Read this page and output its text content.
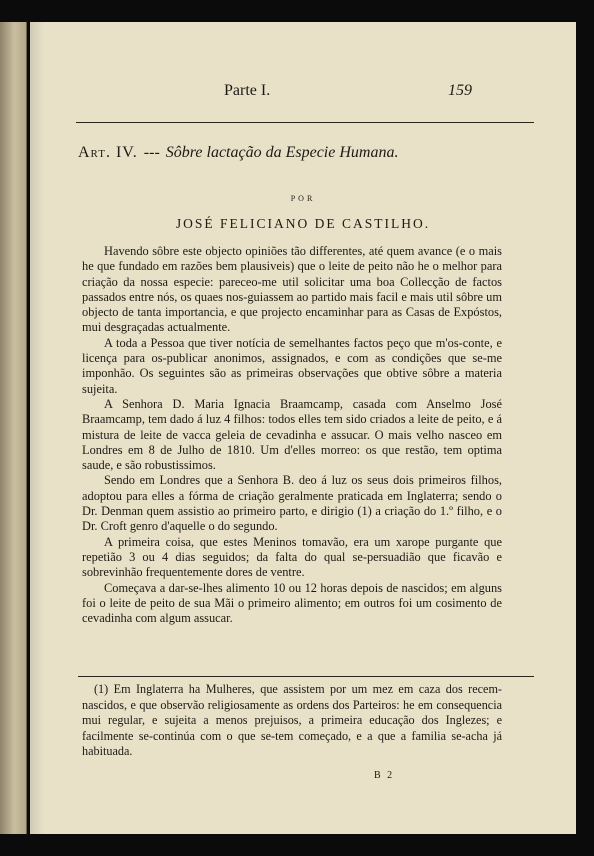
Parte I.	159
Art. IV. --- Sôbre lactação da Especie Humana.
POR
JOSÉ FELICIANO DE CASTILHO.

Havendo sôbre este objecto opiniões tão differentes, até quem avance (e o mais he que fundado em razões bem plausiveis) que o leite de peito não he o melhor para criação da nossa especie: pareceo-me util solicitar uma boa Collecção de factos passados entre nós, os quaes nos-guiassem ao partido mais facil e mais util sôbre um objecto de tanta importancia, e que projecto encaminhar para as Casas de Expóstos, mui desgraçadas actualmente.

A toda a Pessoa que tiver notícia de semelhantes factos peço que m'os-conte, e licença para os-publicar anonimos, assignados, e com as condições que se-me imponhão. Os seguintes são as primeiras observações que obtive sôbre a materia sujeita.

A Senhora D. Maria Ignacia Braamcamp, casada com Anselmo José Braamcamp, tem dado á luz 4 filhos: todos elles tem sido criados a leite de peito, e á mistura de leite de vacca geleia de cevadinha e assucar. O mais velho nasceo em Londres em 8 de Julho de 1810. Um d'elles morreo: os que restão, tem optima saude, e são robustissimos.

Sendo em Londres que a Senhora B. deo á luz os seus dois primeiros filhos, adoptou para elles a fórma de criação geralmente praticada em Inglaterra; sendo o Dr. Denman quem assistio ao primeiro parto, e dirigio (1) a criação do 1.º filho, e o Dr. Croft genro d'aquelle o do segundo.

A primeira coisa, que estes Meninos tomavão, era um xarope purgante que repetião 3 ou 4 dias seguidos; da falta do qual se-persuadião que ficavão e sobrevinhão frequentemente dores de ventre.

Começava a dar-se-lhes alimento 10 ou 12 horas depois de nascidos; em alguns foi o leite de peito de sua Mãi o primeiro alimento; em outros foi um cosimento de cevadinha com algum assucar.

(1) Em Inglaterra ha Mulheres, que assistem por um mez em caza dos recem-nascidos, e que observão religiosamente as ordens dos Parteiros: he em consequencia mui regular, e sujeita a menos prejuisos, a primeira educação dos Inglezes; e facilmente se-continúa com o que se-tem começado, e a que a familia se-acha já habituada.
B 2
